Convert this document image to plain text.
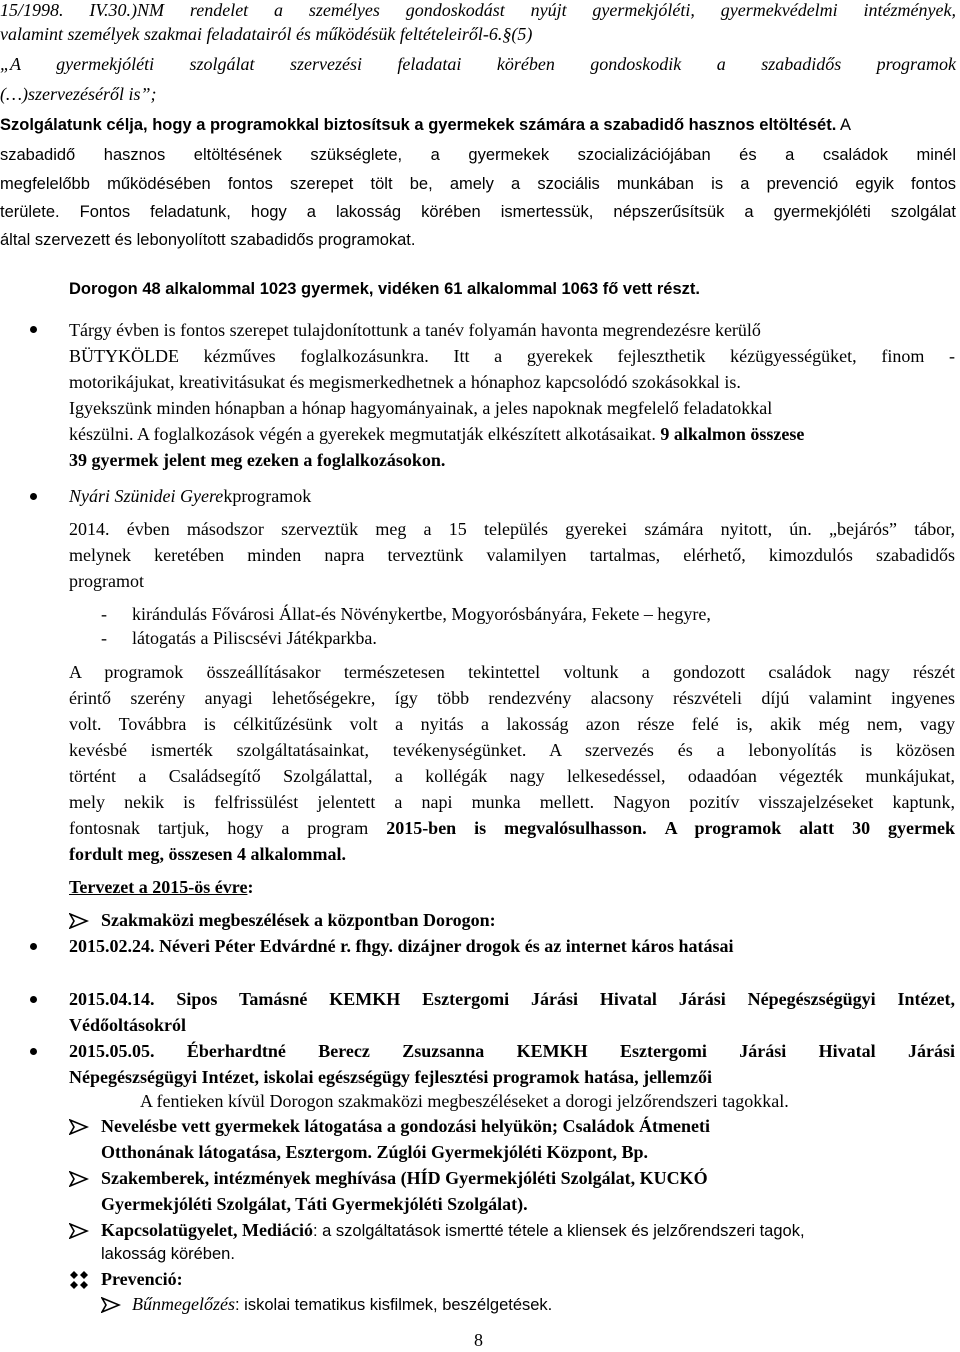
15/1998. IV.30.)NM rendelet a személyes gondoskodást nyújt gyermekjóléti, gyermekvédelmi intézmények,
valamint személyek szakmai feladatairól és működésük feltételeiről-6.§(5)
„A gyermekjóléti szolgálat szervezési feladatai körében gondoskodik a szabadidős programok
(…)szervezéséről is”;
Szolgálatunk célja, hogy a programokkal biztosítsuk a gyermekek számára a szabadidő hasznos eltöltését. A
szabadidő hasznos eltöltésének szükséglete, a gyermekek szocializációjában és a családok minél
megfelelőbb működésében fontos szerepet tölt be, amely a szociális munkában is a prevenció egyik fontos
területe. Fontos feladatunk, hogy a lakosság körében ismertessük, népszerűsítsük a gyermekjóléti szolgálat
által szervezett és lebonyolított szabadidős programokat.
Dorogon 48 alkalommal 1023 gyermek, vidéken 61 alkalommal 1063 fő vett részt.
Tárgy évben is fontos szerepet tulajdonítottunk a tanév folyamán havonta megrendezésre kerülő
BÜTYKÖLDE kézműves foglalkozásunkra. Itt a gyerekek fejleszthetik kézügyességüket, finom -
motorikájukat, kreativitásukat és megismerkedhetnek a hónaphoz kapcsolódó szokásokkal is.
Igyekszünk minden hónapban a hónap hagyományainak, a jeles napoknak megfelelő feladatokkal
készülni. A foglalkozások végén a gyerekek megmutatják elkészített alkotásaikat. 9 alkalmon összese
39 gyermek jelent meg ezeken a foglalkozásokon.
Nyári Szünidei Gyerekprogramok
2014. évben másodszor szerveztük meg a 15 település gyerekei számára nyitott, ún. „bejárós” tábor,
melynek keretében minden napra terveztünk valamilyen tartalmas, elérhető, kimozdulós szabadidős
programot
- kirándulás Fővárosi Állat-és Növénykertbe, Mogyorósbányára, Fekete – hegyre,
- látogatás a Piliscsévi Játékparkba.
A programok összeállításakor természetesen tekintettel voltunk a gondozott családok nagy részét
érintő szerény anyagi lehetőségekre, így több rendezvény alacsony részvételi díjú valamint ingyenes
volt. Továbbra is célkitűzésünk volt a nyitás a lakosság azon része felé is, akik még nem, vagy
kevésbé ismerték szolgáltatásainkat, tevékenységünket. A szervezés és a lebonyolítás is közösen
történt a Családsegítő Szolgálattal, a kollégák nagy lelkesedéssel, odaadóan végezték munkájukat,
mely nekik is felfrissülést jelentett a napi munka mellett. Nagyon pozitív visszajelzéseket kaptunk,
fontosnak tartjuk, hogy a program 2015-ben is megvalósulhasson. A programok alatt 30 gyermek
fordult meg, összesen 4 alkalommal.
Tervezet a 2015-ös évre:
Szakmaközi megbeszélések a központban Dorogon:
2015.02.24. Néveri Péter Edvárdné r. fhgy. dizájner drogok és az internet káros hatásai
2015.04.14. Sipos Tamásné KEMKH Esztergomi Járási Hivatal Járási Népegészségügyi Intézet,
Védőoltásokról
2015.05.05. Éberhardtné Berecz Zsuzsanna KEMKH Esztergomi Járási Hivatal Járási
Népegészségügyi Intézet, iskolai egészségügy fejlesztési programok hatása, jellemzői
A fentieken kívül Dorogon szakmaközi megbeszéléseket a dorogi jelzőrendszeri tagokkal.
Nevelésbe vett gyermekek látogatása a gondozási helyükön; Családok Átmeneti
Otthonának látogatása, Esztergom. Zúglói Gyermekjóléti Központ, Bp.
Szakemberek, intézmények meghívása (HÍD Gyermekjóléti Szolgálat, KUCKÓ
Gyermekjóléti Szolgálat, Táti Gyermekjóléti Szolgálat).
Kapcsolatügyelet, Mediáció: a szolgáltatások ismertté tétele a kliensek és jelzőrendszeri tagok,
lakosság körében.
Prevenció:
Bűnmegelőzés: iskolai tematikus kisfilmek, beszélgetések.
8
